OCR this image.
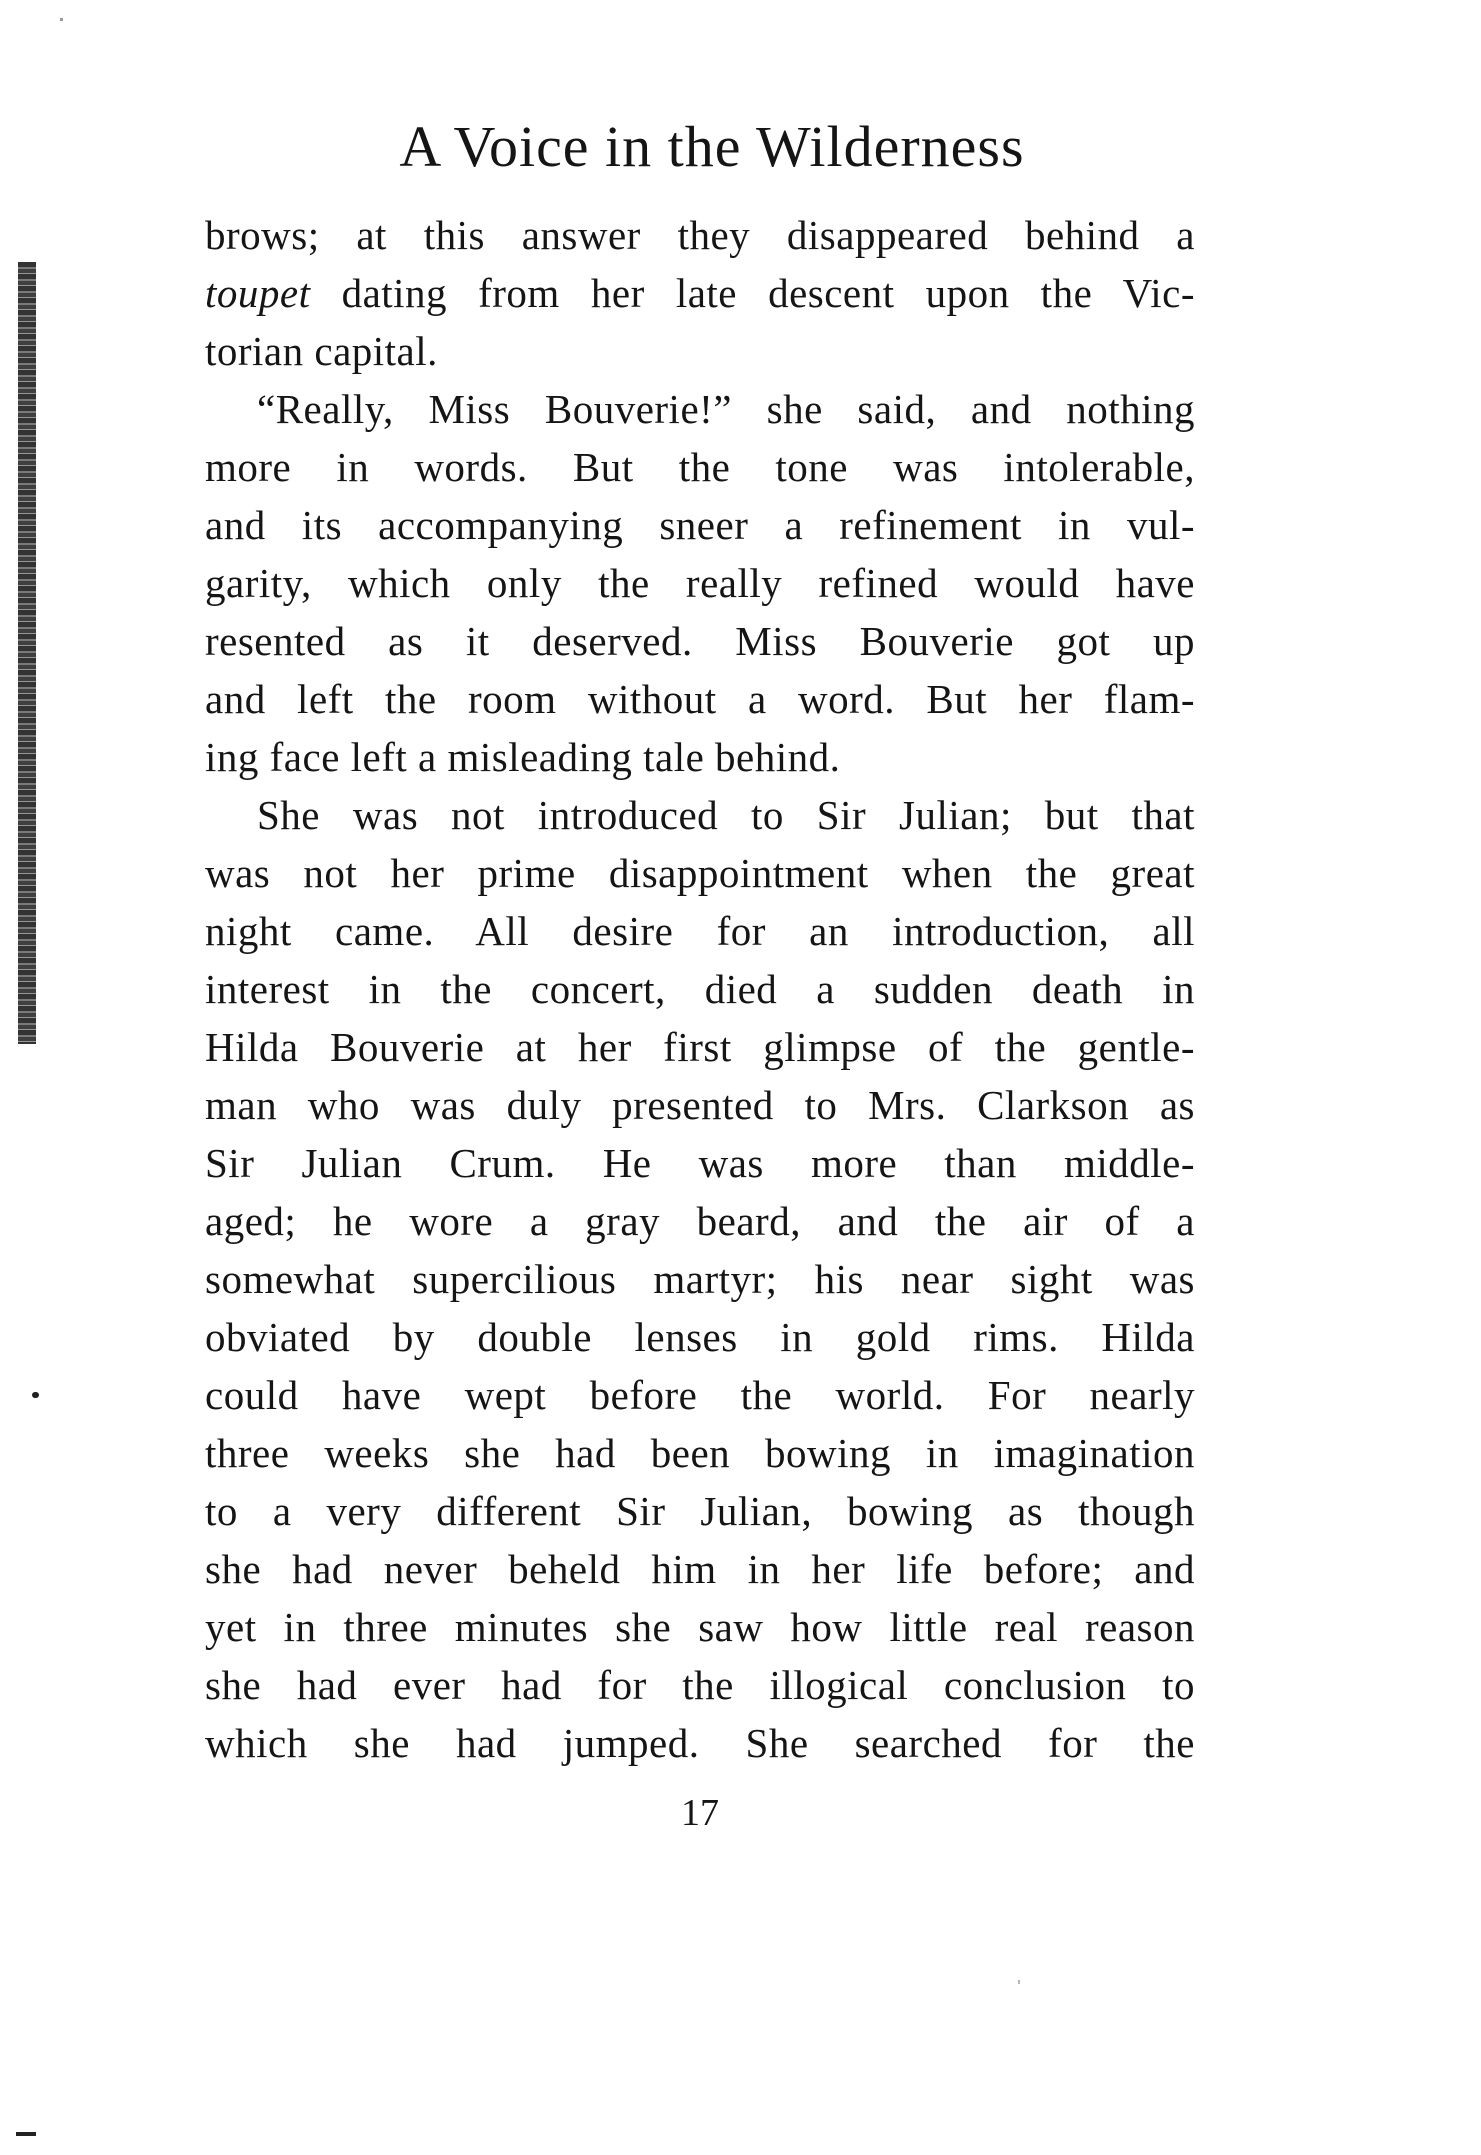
A Voice in the Wilderness
brows; at this answer they disappeared behind a
toupet dating from her late descent upon the Vic-
torian capital.
“Really, Miss Bouverie!” she said, and nothing
more in words. But the tone was intolerable,
and its accompanying sneer a refinement in vul-
garity, which only the really refined would have
resented as it deserved. Miss Bouverie got up
and left the room without a word. But her flam-
ing face left a misleading tale behind.
She was not introduced to Sir Julian; but that
was not her prime disappointment when the great
night came. All desire for an introduction, all
interest in the concert, died a sudden death in
Hilda Bouverie at her first glimpse of the gentle-
man who was duly presented to Mrs. Clarkson as
Sir Julian Crum. He was more than middle-
aged; he wore a gray beard, and the air of a
somewhat supercilious martyr; his near sight was
obviated by double lenses in gold rims. Hilda
could have wept before the world. For nearly
three weeks she had been bowing in imagination
to a very different Sir Julian, bowing as though
she had never beheld him in her life before; and
yet in three minutes she saw how little real reason
she had ever had for the illogical conclusion to
which she had jumped. She searched for the
17
